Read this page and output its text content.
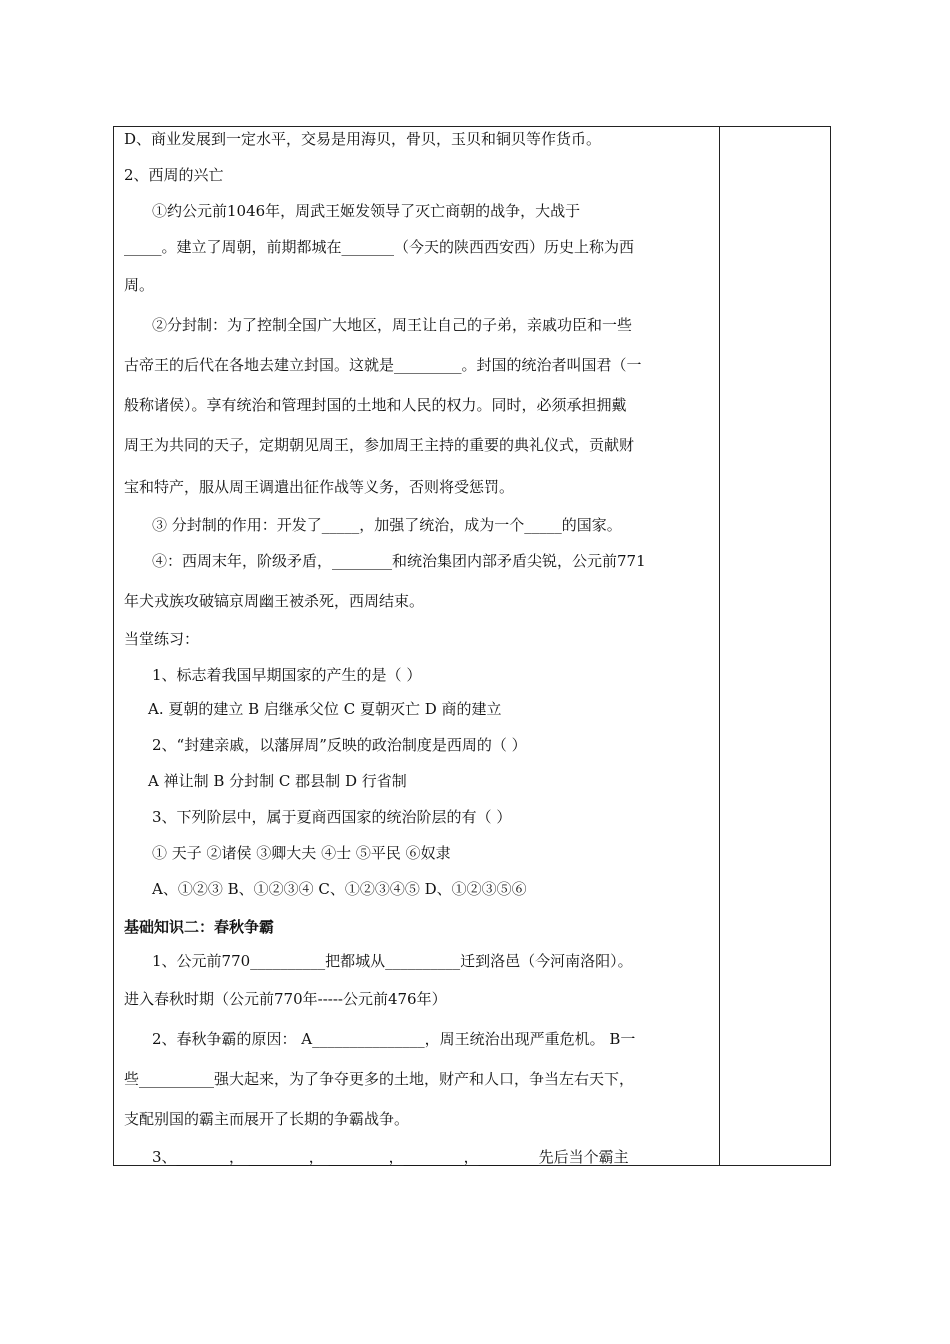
D、商业发展到一定水平，交易是用海贝，骨贝，玉贝和铜贝等作货币。
2、西周的兴亡
①约公元前1046年，周武王姬发领导了灭亡商朝的战争，大战于
_____。建立了周朝，前期都城在_______（今天的陕西西安西）历史上称为西
周。
②分封制：为了控制全国广大地区，周王让自己的子弟，亲戚功臣和一些
古帝王的后代在各地去建立封国。这就是_________。封国的统治者叫国君（一
般称诸侯）。享有统治和管理封国的土地和人民的权力。同时，必须承担拥戴
周王为共同的天子，定期朝见周王，参加周王主持的重要的典礼仪式，贡献财
宝和特产，服从周王调遣出征作战等义务，否则将受惩罚。
③ 分封制的作用：开发了_____，加强了统治，成为一个_____的国家。
④：西周末年，阶级矛盾，________和统治集团内部矛盾尖锐，公元前771
年犬戎族攻破镐京周幽王被杀死，西周结束。
当堂练习：
1、标志着我国早期国家的产生的是（ ）
A. 夏朝的建立 B 启继承父位 C 夏朝灭亡 D 商的建立
2、“封建亲戚，以藩屏周”反映的政治制度是西周的（ ）
A 禅让制 B 分封制 C 郡县制 D 行省制
3、下列阶层中，属于夏商西国家的统治阶层的有（ ）
① 天子 ②诸侯 ③卿大夫 ④士 ⑤平民 ⑥奴隶
A、①②③ B、①②③④ C、①②③④⑤ D、①②③⑤⑥
基础知识二：春秋争霸
1、公元前770__________把都城从__________迁到洛邑（今河南洛阳）。
进入春秋时期（公元前770年-----公元前476年）
2、春秋争霸的原因： A_______________，周王统治出现严重危机。 B一
些__________强大起来，为了争夺更多的土地，财产和人口，争当左右天下，
支配别国的霸主而展开了长期的争霸战争。
3、_______， ________， ________，________，________先后当个霸主
